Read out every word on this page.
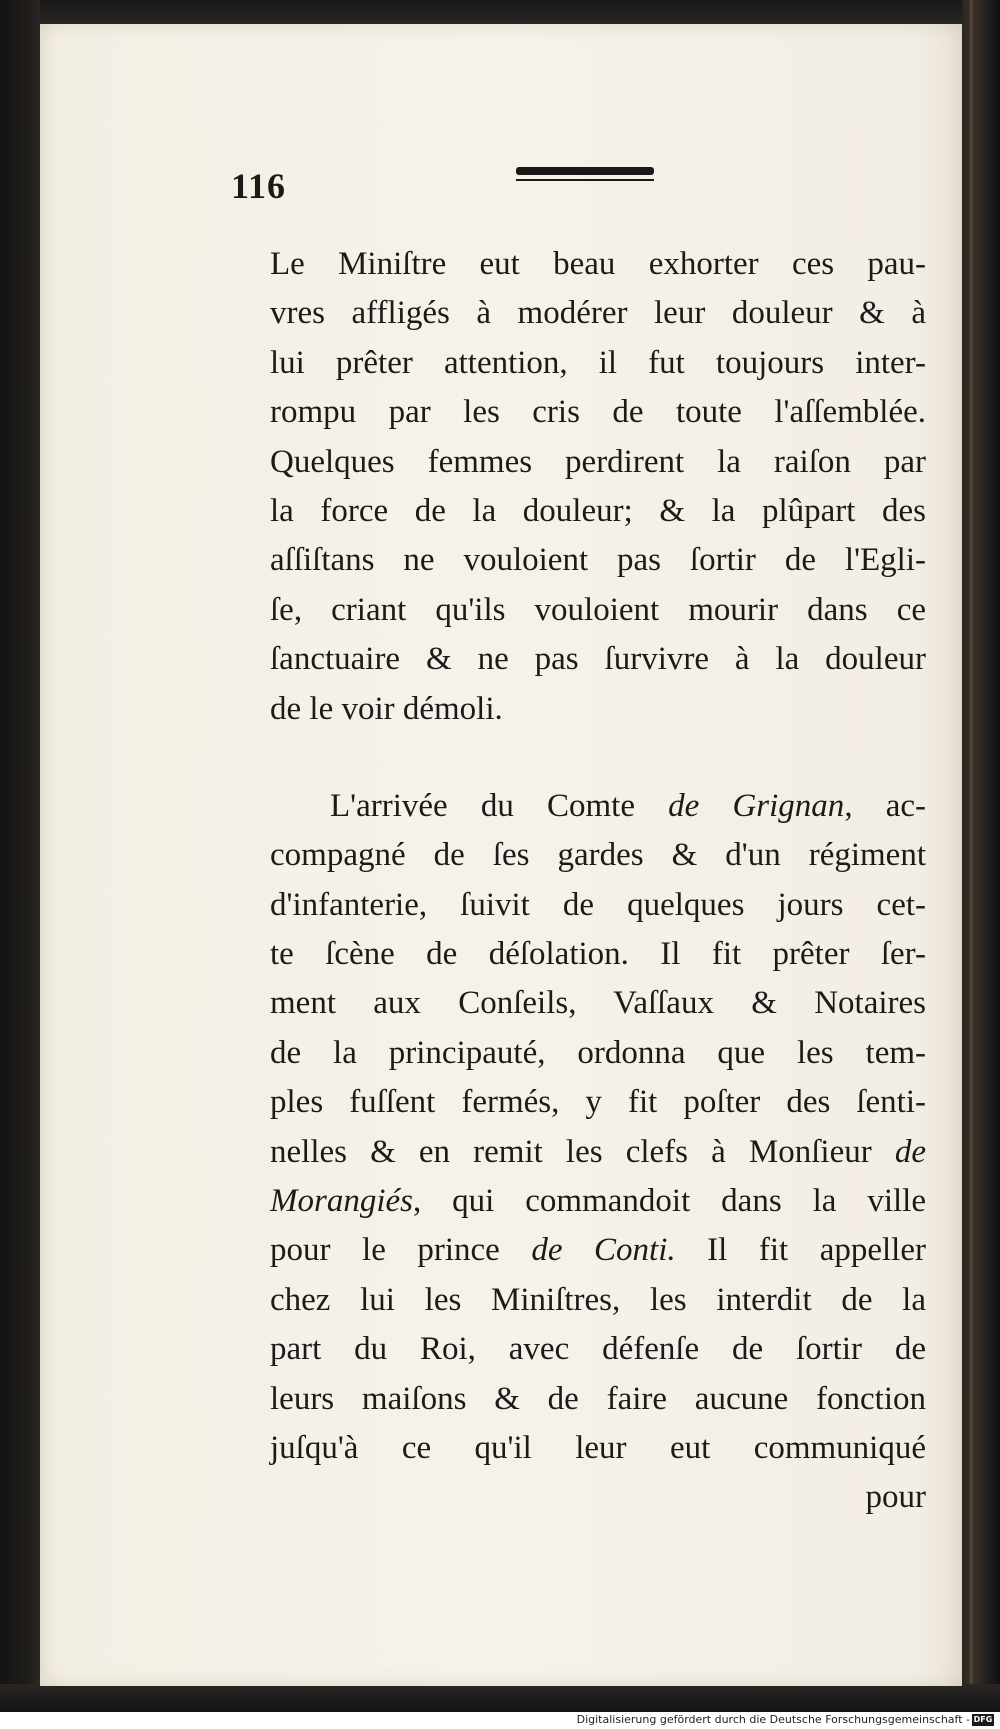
116
Le Miniſtre eut beau exhorter ces pau-
vres affligés à modérer leur douleur & à
lui prêter attention, il fut toujours inter-
rompu par les cris de toute l'aſſemblée.
Quelques femmes perdirent la raiſon par
la force de la douleur; & la plûpart des
aſſiſtans ne vouloient pas ſortir de l'Egli-
ſe, criant qu'ils vouloient mourir dans ce
ſanctuaire & ne pas ſurvivre à la douleur
de le voir démoli.
L'arrivée du Comte de Grignan, ac-
compagné de ſes gardes & d'un régiment
d'infanterie, ſuivit de quelques jours cet-
te ſcène de déſolation. Il fit prêter ſer-
ment aux Conſeils, Vaſſaux & Notaires
de la principauté, ordonna que les tem-
ples fuſſent fermés, y fit poſter des ſenti-
nelles & en remit les clefs à Monſieur de
Morangiés, qui commandoit dans la ville
pour le prince de Conti. Il fit appeller
chez lui les Miniſtres, les interdit de la
part du Roi, avec défenſe de ſortir de
leurs maiſons & de faire aucune fonction
juſqu'à ce qu'il leur eut communiqué
pour
Digitalisierung gefördert durch die Deutsche Forschungsgemeinschaft - DFG
